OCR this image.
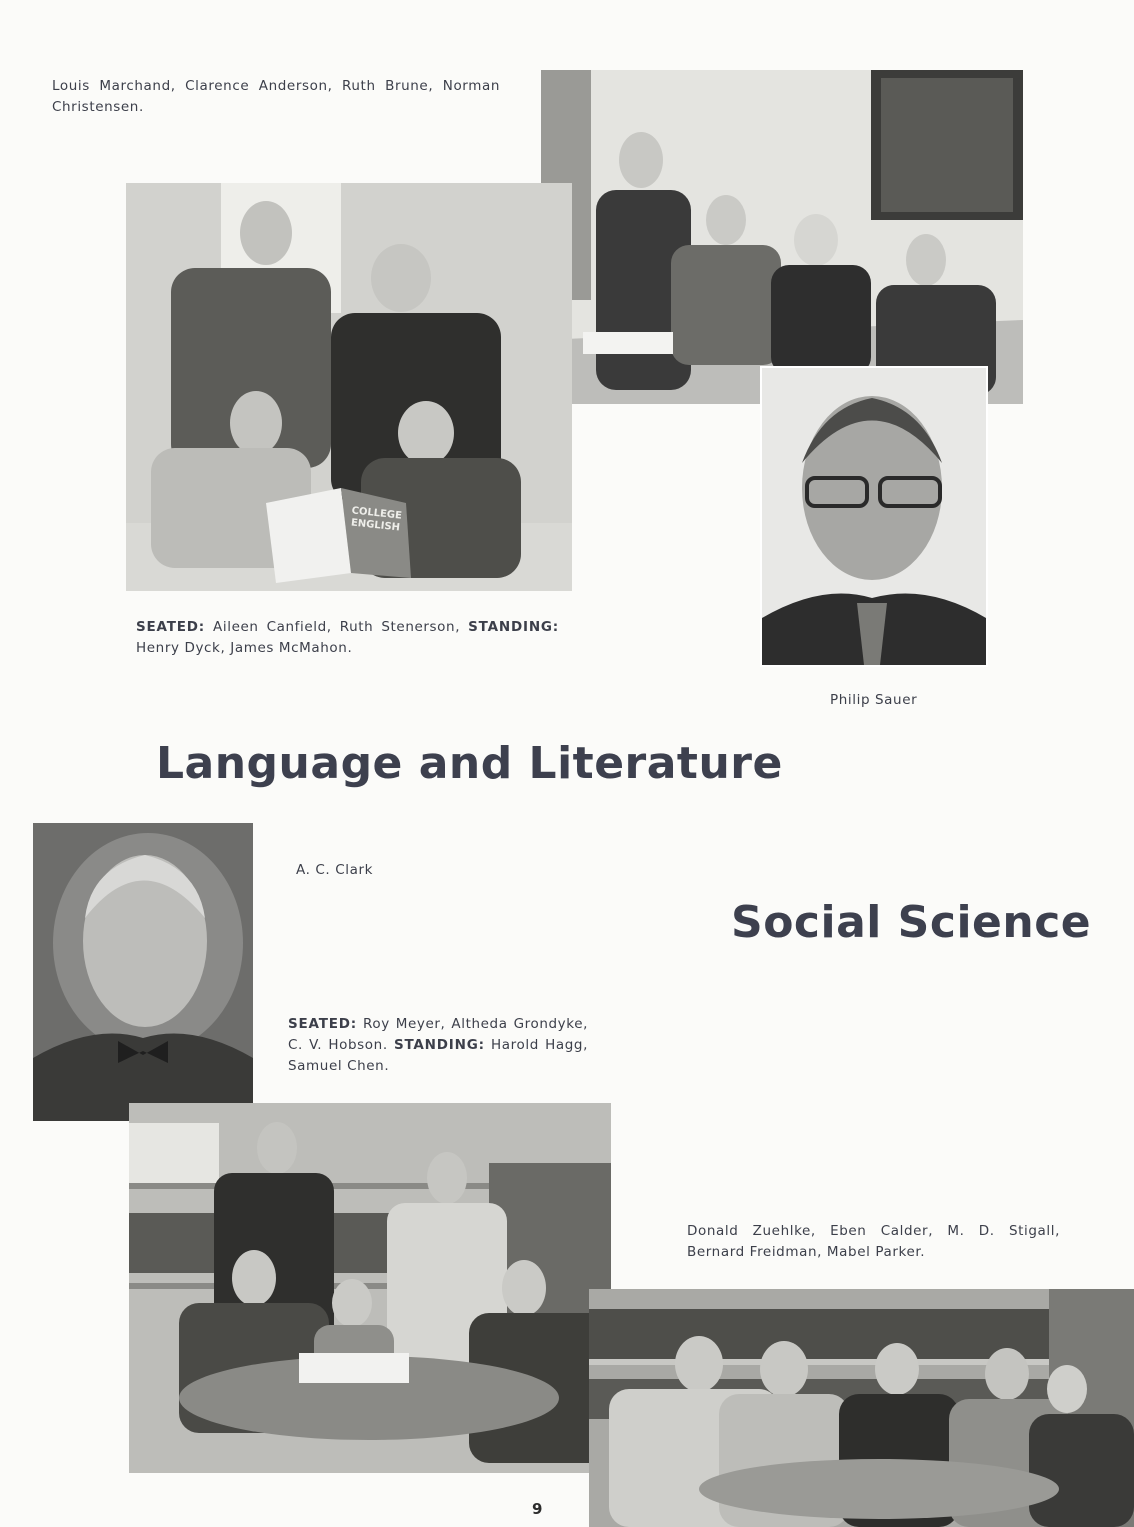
Louis Marchand, Clarence Anderson, Ruth Brune, Norman Christensen.
COLLEGE ENGLISH
SEATED: Aileen Canfield, Ruth Stenerson, STANDING: Henry Dyck, James McMahon.
Philip Sauer
Language and Literature
A. C. Clark
Social Science
SEATED: Roy Meyer, Altheda Grondyke, C. V. Hobson. STANDING: Harold Hagg, Samuel Chen.
Donald Zuehlke, Eben Calder, M. D. Stigall, Bernard Freidman, Mabel Parker.
9
